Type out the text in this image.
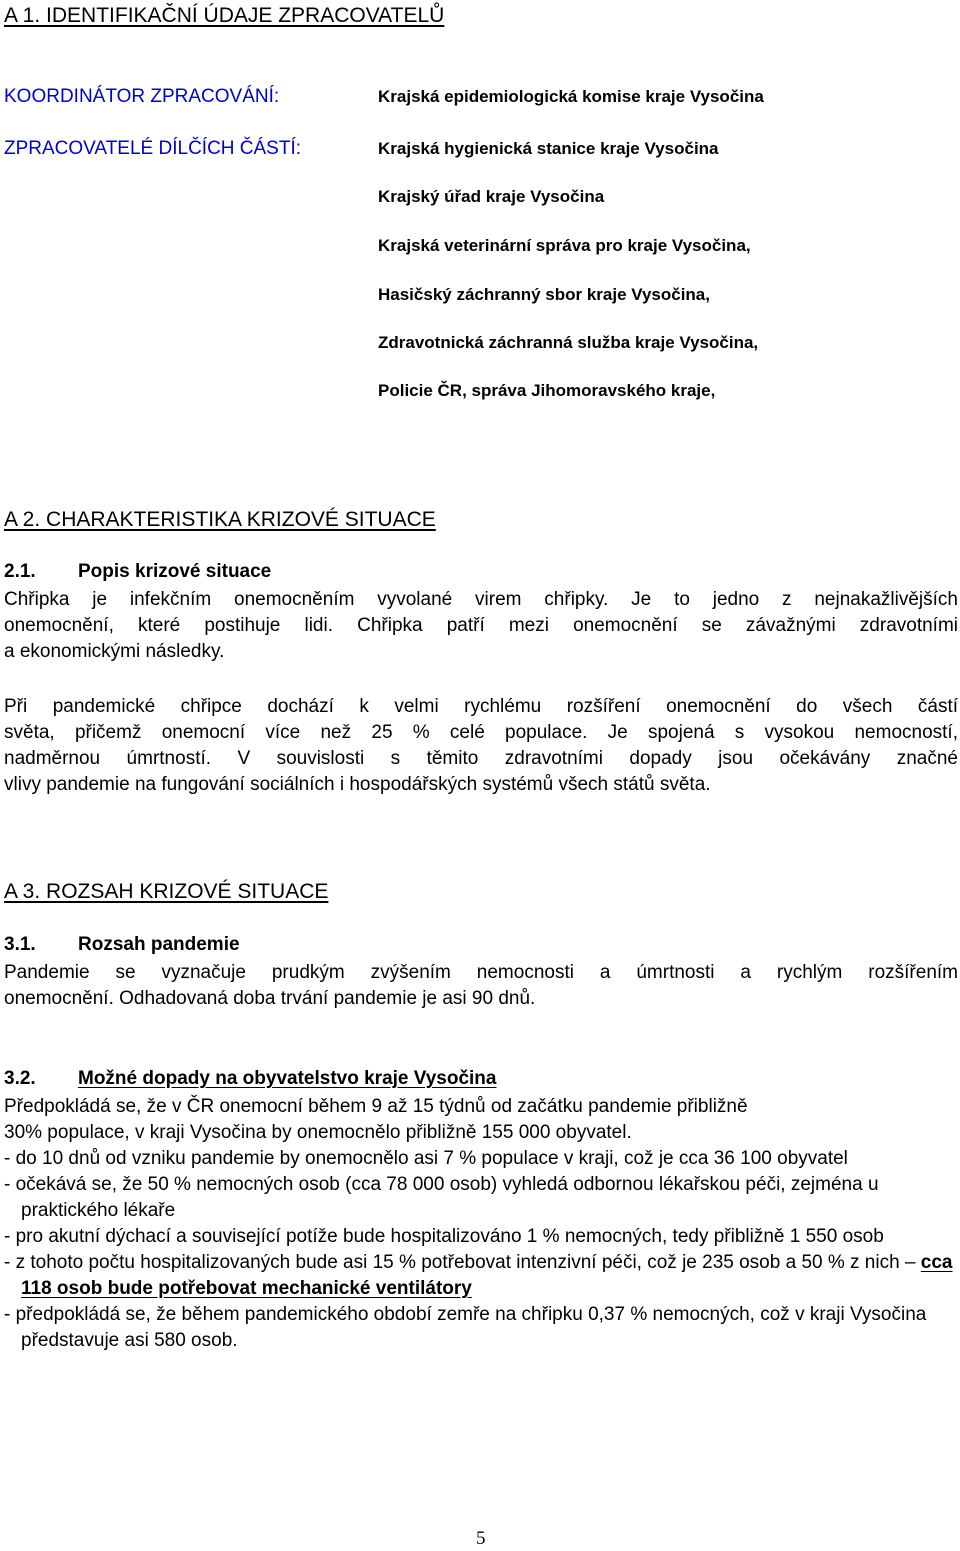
A 1. IDENTIFIKAČNÍ ÚDAJE ZPRACOVATELŮ
KOORDINÁTOR ZPRACOVÁNÍ:	Krajská epidemiologická komise kraje Vysočina
ZPRACOVATELÉ DÍLČÍCH ČÁSTÍ:	Krajská hygienická stanice kraje Vysočina
Krajský úřad kraje Vysočina
Krajská veterinární správa pro kraje Vysočina,
Hasičský záchranný sbor kraje Vysočina,
Zdravotnická záchranná služba kraje Vysočina,
Policie ČR, správa Jihomoravského kraje,
A 2. CHARAKTERISTIKA KRIZOVÉ SITUACE
2.1. Popis krizové situace
Chřipka je infekčním onemocněním vyvolané virem chřipky. Je to jedno z nejnakažlivějších
onemocnění, které postihuje lidi. Chřipka patří mezi onemocnění se závažnými zdravotními
a ekonomickými následky.
Při pandemické chřipce dochází k velmi rychlému rozšíření onemocnění do všech částí
světa, přičemž onemocní více než 25 % celé populace. Je spojená s vysokou nemocností,
nadměrnou úmrtností. V souvislosti s těmito zdravotními dopady jsou očekávány značné
vlivy pandemie na fungování sociálních i hospodářských systémů všech států světa.
A 3. ROZSAH KRIZOVÉ SITUACE
3.1. Rozsah pandemie
Pandemie se vyznačuje prudkým zvýšením nemocnosti a úmrtnosti a rychlým rozšířením
onemocnění. Odhadovaná doba trvání pandemie je asi 90 dnů.
3.2. Možné dopady na obyvatelstvo kraje Vysočina
Předpokládá se, že v ČR onemocní během 9 až 15 týdnů od začátku pandemie přibližně
30% populace, v kraji Vysočina by onemocnělo přibližně 155 000 obyvatel.
- do 10 dnů od vzniku pandemie by onemocnělo asi 7 % populace v kraji, což je cca 36 100 obyvatel
- očekává se, že 50 % nemocných osob (cca 78 000 osob) vyhledá odbornou lékařskou péči, zejména u praktického lékaře
- pro akutní dýchací a související potíže bude hospitalizováno 1 % nemocných, tedy přibližně 1 550 osob
- z tohoto počtu hospitalizovaných bude asi 15 % potřebovat intenzivní péči, což je 235 osob a 50 % z nich – cca 118 osob bude potřebovat mechanické ventilátory
- předpokládá se, že během pandemického období zemře na chřipku 0,37 % nemocných, což v kraji Vysočina představuje asi 580 osob.
5
